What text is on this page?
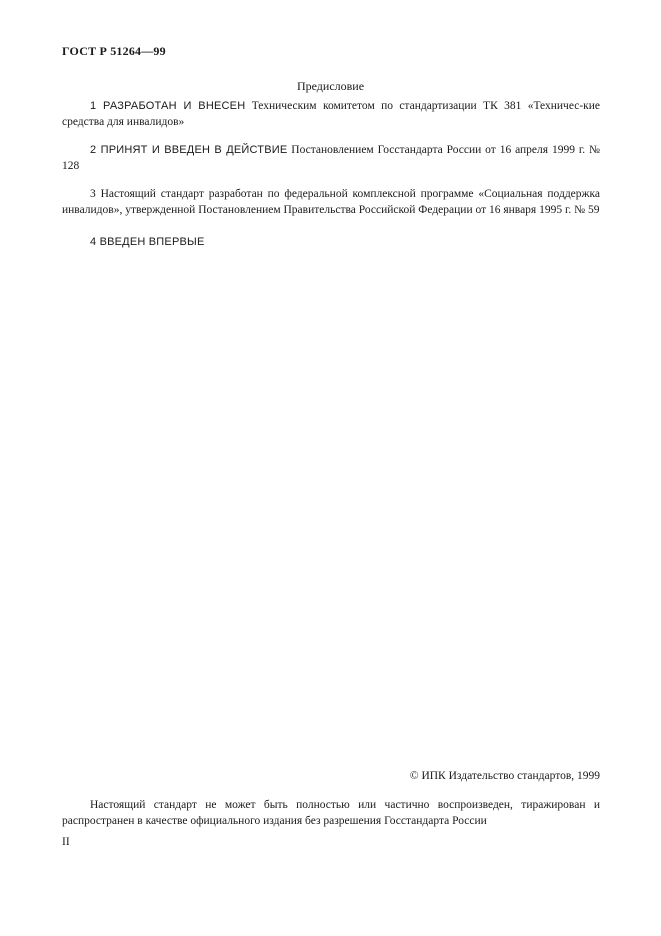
ГОСТ Р 51264—99
Предисловие
1 РАЗРАБОТАН И ВНЕСЕН Техническим комитетом по стандартизации ТК 381 «Техничес-кие средства для инвалидов»
2 ПРИНЯТ И ВВЕДЕН В ДЕЙСТВИЕ Постановлением Госстандарта России от 16 апреля 1999 г. № 128
3 Настоящий стандарт разработан по федеральной комплексной программе «Социальная поддержка инвалидов», утвержденной Постановлением Правительства Российской Федерации от 16 января 1995 г. № 59
4 ВВЕДЕН ВПЕРВЫЕ
© ИПК Издательство стандартов, 1999
Настоящий стандарт не может быть полностью или частично воспроизведен, тиражирован и распространен в качестве официального издания без разрешения Госстандарта России
II
